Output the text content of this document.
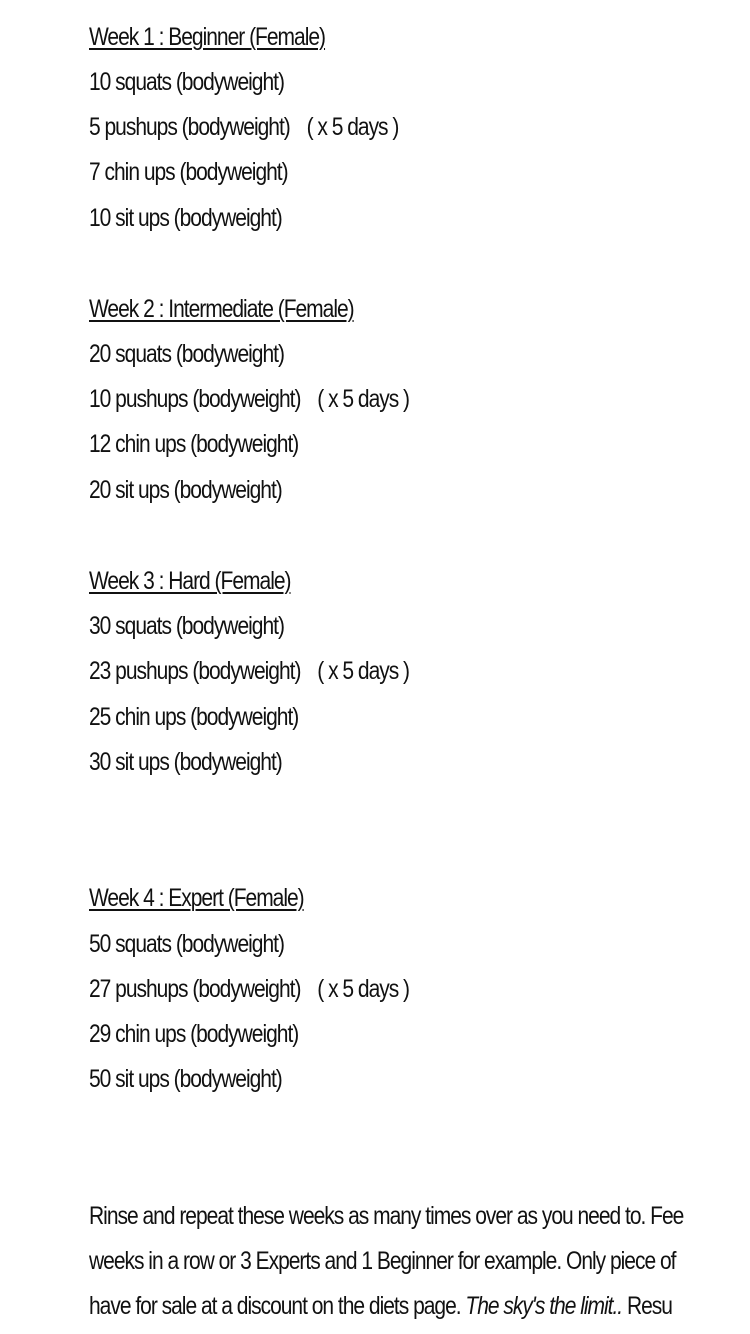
Week 1 : Beginner (Female)
10 squats (bodyweight)
5 pushups (bodyweight) ( x 5 days )
7 chin ups (bodyweight)
10 sit ups (bodyweight)
Week 2 : Intermediate (Female)
20 squats (bodyweight)
10 pushups (bodyweight) ( x 5 days )
12 chin ups (bodyweight)
20 sit ups (bodyweight)
Week 3 : Hard (Female)
30 squats (bodyweight)
23 pushups (bodyweight) ( x 5 days )
25 chin ups (bodyweight)
30 sit ups (bodyweight)
Week 4 : Expert (Female)
50 squats (bodyweight)
27 pushups (bodyweight) ( x 5 days )
29 chin ups (bodyweight)
50 sit ups (bodyweight)
Rinse and repeat these weeks as many times over as you need to. Fee
weeks in a row or 3 Experts and 1 Beginner for example. Only piece of
have for sale at a discount on the diets page. The sky's the limit.. Resu
